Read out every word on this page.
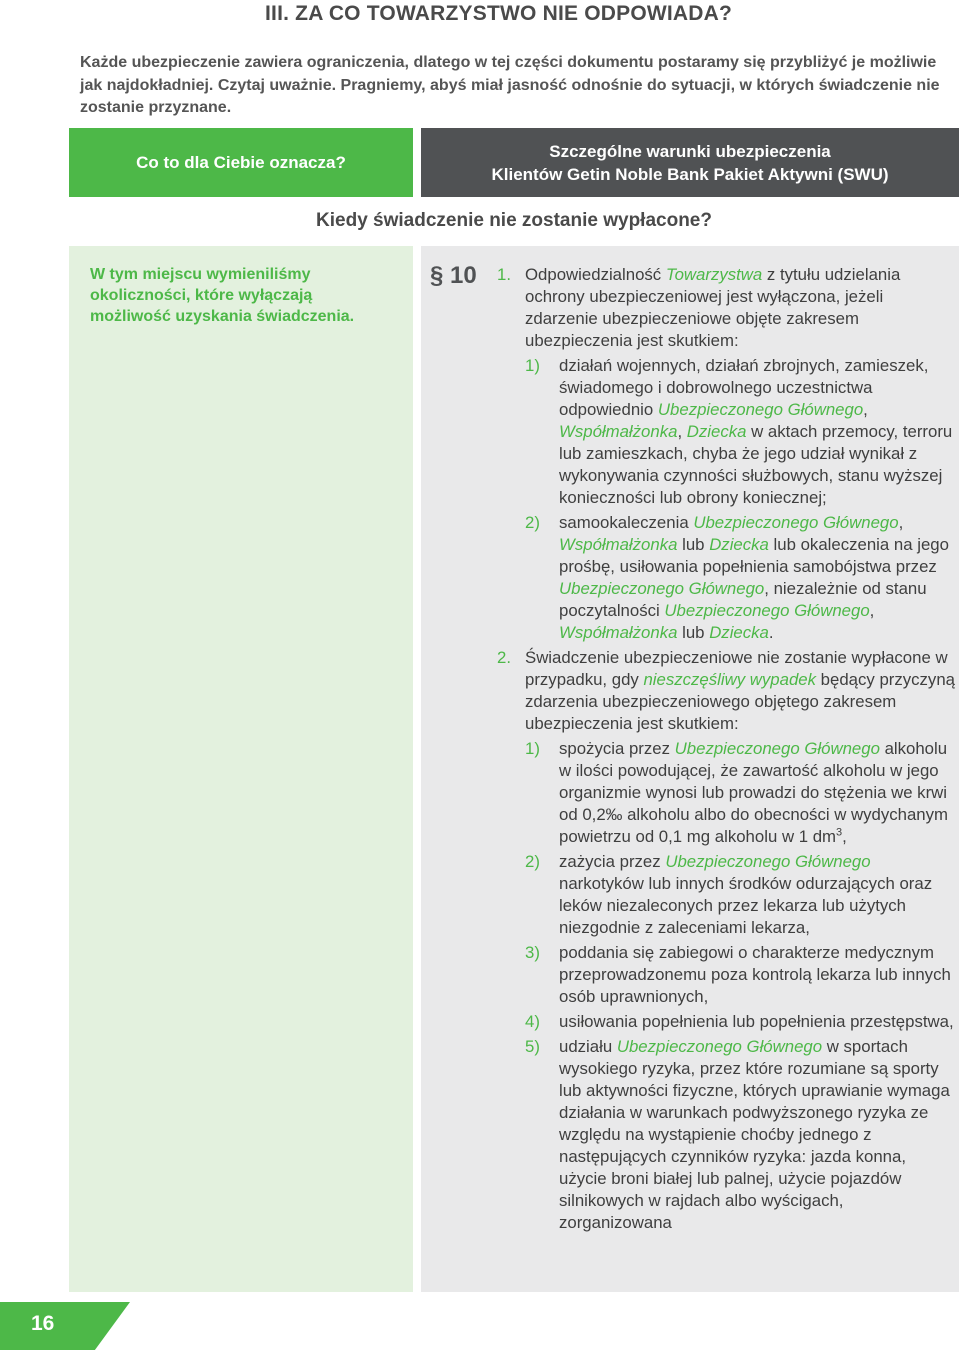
III. ZA CO TOWARZYSTWO NIE ODPOWIADA?

Każde ubezpieczenie zawiera ograniczenia, dlatego w tej części dokumentu postaramy się przybliżyć je możliwie jak najdokładniej. Czytaj uważnie. Pragniemy, abyś miał jasność odnośnie do sytuacji, w których świadczenie nie zostanie przyznane.

Co to dla Ciebie oznacza?
Szczególne warunki ubezpieczenia
Klientów Getin Noble Bank Pakiet Aktywni (SWU)
Kiedy świadczenie nie zostanie wypłacone?

W tym miejscu wymieniliśmy okoliczności, które wyłączają możliwość uzyskania świadczenia.

§ 10 1. Odpowiedzialność Towarzystwa z tytułu udzielania ochrony ubezpieczeniowej jest wyłączona, jeżeli zdarzenie ubezpieczeniowe objęte zakresem ubezpieczenia jest skutkiem:
1) działań wojennych, działań zbrojnych, zamieszek, świadomego i dobrowolnego uczestnictwa odpowiednio Ubezpieczonego Głównego, Współmałżonka, Dziecka w aktach przemocy, terroru lub zamieszkach, chyba że jego udział wynikał z wykonywania czynności służbowych, stanu wyższej konieczności lub obrony koniecznej;
2) samookaleczenia Ubezpieczonego Głównego, Współmałżonka lub Dziecka lub okaleczenia na jego prośbę, usiłowania popełnienia samobójstwa przez Ubezpieczonego Głównego, niezależnie od stanu poczytalności Ubezpieczonego Głównego, Współmałżonka lub Dziecka.
2. Świadczenie ubezpieczeniowe nie zostanie wypłacone w przypadku, gdy nieszczęśliwy wypadek będący przyczyną zdarzenia ubezpieczeniowego objętego zakresem ubezpieczenia jest skutkiem:
1) spożycia przez Ubezpieczonego Głównego alkoholu w ilości powodującej, że zawartość alkoholu w jego organizmie wynosi lub prowadzi do stężenia we krwi od 0,2‰ alkoholu albo do obecności w wydychanym powietrzu od 0,1 mg alkoholu w 1 $dm^3$,
2) zażycia przez Ubezpieczonego Głównego narkotyków lub innych środków odurzających oraz leków niezaleconych przez lekarza lub użytych niezgodnie z zaleceniami lekarza,
3) poddania się zabiegowi o charakterze medycznym przeprowadzonemu poza kontrolą lekarza lub innych osób uprawnionych,
4) usiłowania popełnienia lub popełnienia przestępstwa,
5) udziału Ubezpieczonego Głównego w sportach wysokiego ryzyka, przez które rozumiane są sporty lub aktywności fizyczne, których uprawianie wymaga działania w warunkach podwyższonego ryzyka ze względu na wystąpienie choćby jednego z następujących czynników ryzyka: jazda konna, użycie broni białej lub palnej, użycie pojazdów silnikowych w rajdach albo wyścigach, zorganizowana
16
